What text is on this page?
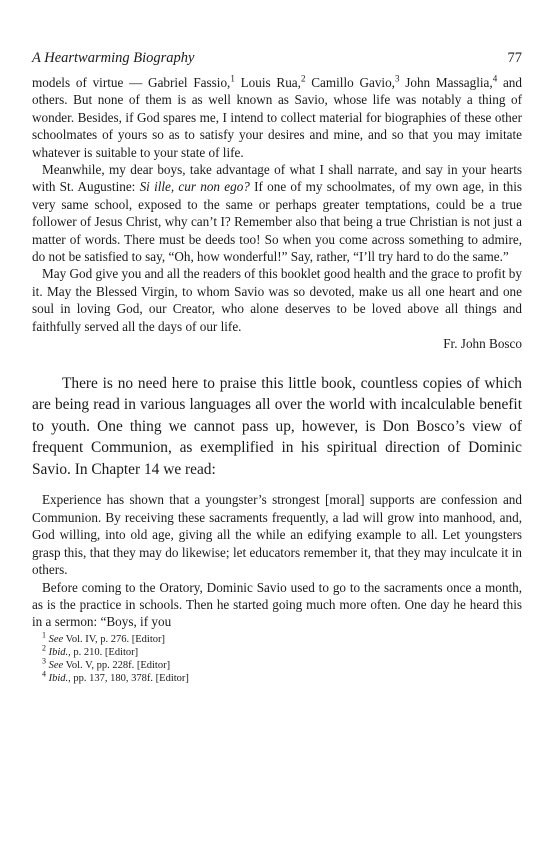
A Heartwarming Biography	77

models of virtue — Gabriel Fassio,$^1$ Louis Rua,$^2$ Camillo Gavio,$^3$ John Massaglia,$^4$ and others. But none of them is as well known as Savio, whose life was notably a thing of wonder. Besides, if God spares me, I intend to collect material for biographies of these other schoolmates of yours so as to satisfy your desires and mine, and so that you may imitate whatever is suitable to your state of life.

Meanwhile, my dear boys, take advantage of what I shall narrate, and say in your hearts with St. Augustine: Si ille, cur non ego? If one of my schoolmates, of my own age, in this very same school, exposed to the same or perhaps greater temptations, could be a true follower of Jesus Christ, why can’t I? Remember also that being a true Christian is not just a matter of words. There must be deeds too! So when you come across something to admire, do not be satisfied to say, “Oh, how wonderful!” Say, rather, “I’ll try hard to do the same.”

May God give you and all the readers of this booklet good health and the grace to profit by it. May the Blessed Virgin, to whom Savio was so devoted, make us all one heart and one soul in loving God, our Creator, who alone deserves to be loved above all things and faithfully served all the days of our life.

Fr. John Bosco

There is no need here to praise this little book, countless copies of which are being read in various languages all over the world with incalculable benefit to youth. One thing we cannot pass up, however, is Don Bosco’s view of frequent Communion, as exemplified in his spiritual direction of Dominic Savio. In Chapter 14 we read:

Experience has shown that a youngster’s strongest [moral] supports are confession and Communion. By receiving these sacraments frequently, a lad will grow into manhood, and, God willing, into old age, giving all the while an edifying example to all. Let youngsters grasp this, that they may do likewise; let educators remember it, that they may inculcate it in others.

Before coming to the Oratory, Dominic Savio used to go to the sacraments once a month, as is the practice in schools. Then he started going much more often. One day he heard this in a sermon: “Boys, if you

$^1$ See Vol. IV, p. 276. [Editor]
$^2$ Ibid., p. 210. [Editor]
$^3$ See Vol. V, pp. 228f. [Editor]
$^4$ Ibid., pp. 137, 180, 378f. [Editor]
